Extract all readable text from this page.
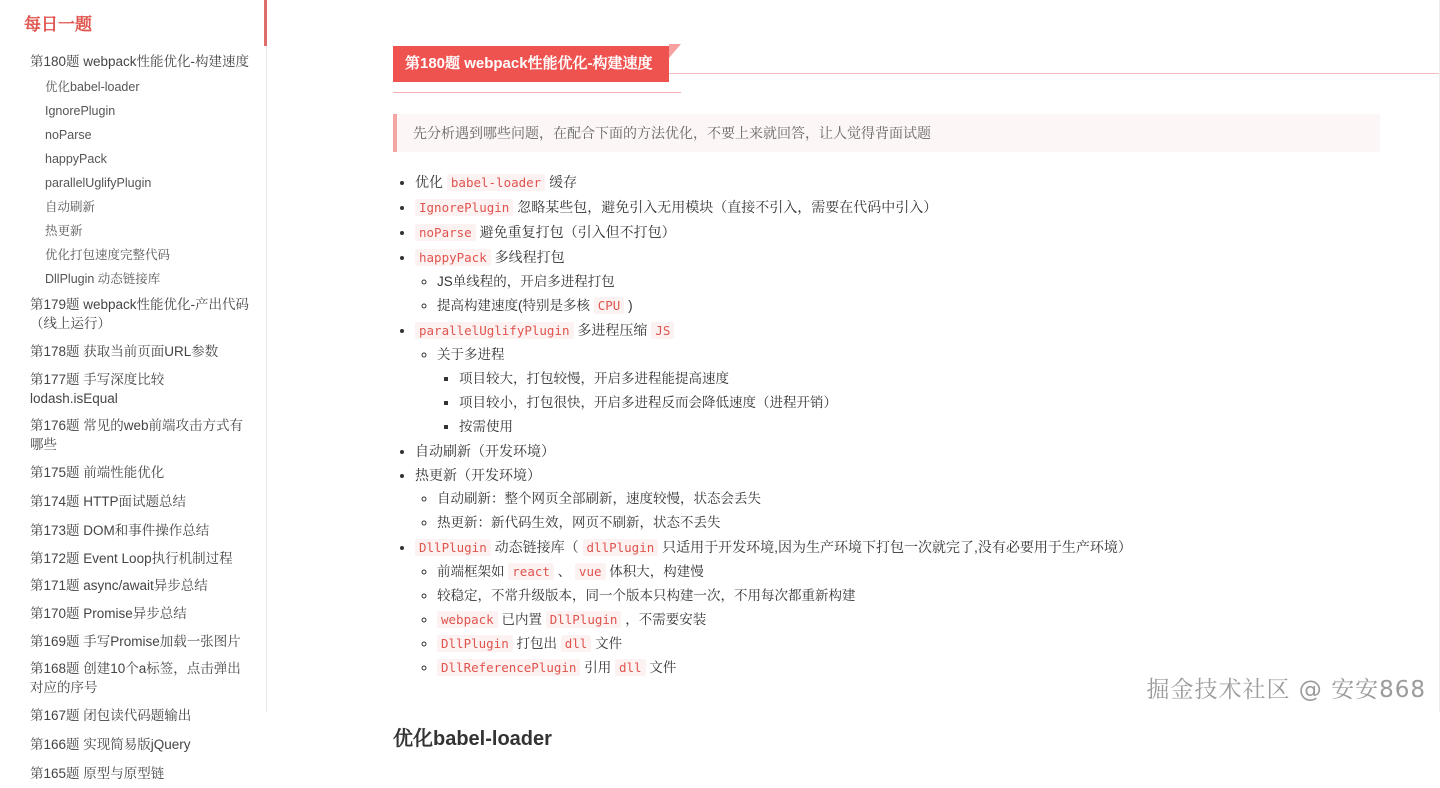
每日一题
第180题 webpack性能优化-构建速度
优化babel-loader
IgnorePlugin
noParse
happyPack
parallelUglifyPlugin
自动刷新
热更新
优化打包速度完整代码
DllPlugin 动态链接库
第179题 webpack性能优化-产出代码（线上运行）
第178题 获取当前页面URL参数
第177题 手写深度比较lodash.isEqual
第176题 常见的web前端攻击方式有哪些
第175题 前端性能优化
第174题 HTTP面试题总结
第173题 DOM和事件操作总结
第172题 Event Loop执行机制过程
第171题 async/await异步总结
第170题 Promise异步总结
第169题 手写Promise加载一张图片
第168题 创建10个a标签，点击弹出对应的序号
第167题 闭包读代码题输出
第166题 实现简易版jQuery
第165题 原型与原型链
第180题 webpack性能优化-构建速度
先分析遇到哪些问题，在配合下面的方法优化，不要上来就回答，让人觉得背面试题
• 优化 babel-loader 缓存
• IgnorePlugin 忽略某些包，避免引入无用模块（直接不引入，需要在代码中引入）
• noParse 避免重复打包（引入但不打包）
• happyPack 多线程打包
◦ JS单线程的，开启多进程打包
◦ 提高构建速度(特别是多核 CPU )
• parallelUglifyPlugin 多进程压缩 JS
◦ 关于多进程
▪ 项目较大，打包较慢，开启多进程能提高速度
▪ 项目较小，打包很快，开启多进程反而会降低速度（进程开销）
▪ 按需使用
• 自动刷新（开发环境）
• 热更新（开发环境）
◦ 自动刷新：整个网页全部刷新，速度较慢，状态会丢失
◦ 热更新：新代码生效，网页不刷新，状态不丢失
• DllPlugin 动态链接库（ dllPlugin 只适用于开发环境,因为生产环境下打包一次就完了,没有必要用于生产环境）
◦ 前端框架如 react 、 vue 体积大，构建慢
◦ 较稳定，不常升级版本，同一个版本只构建一次，不用每次都重新构建
◦ webpack 已内置 DllPlugin ，不需要安装
◦ DllPlugin 打包出 dll 文件
◦ DllReferencePlugin 引用 dll 文件
优化babel-loader
掘金技术社区 @ 安安868
